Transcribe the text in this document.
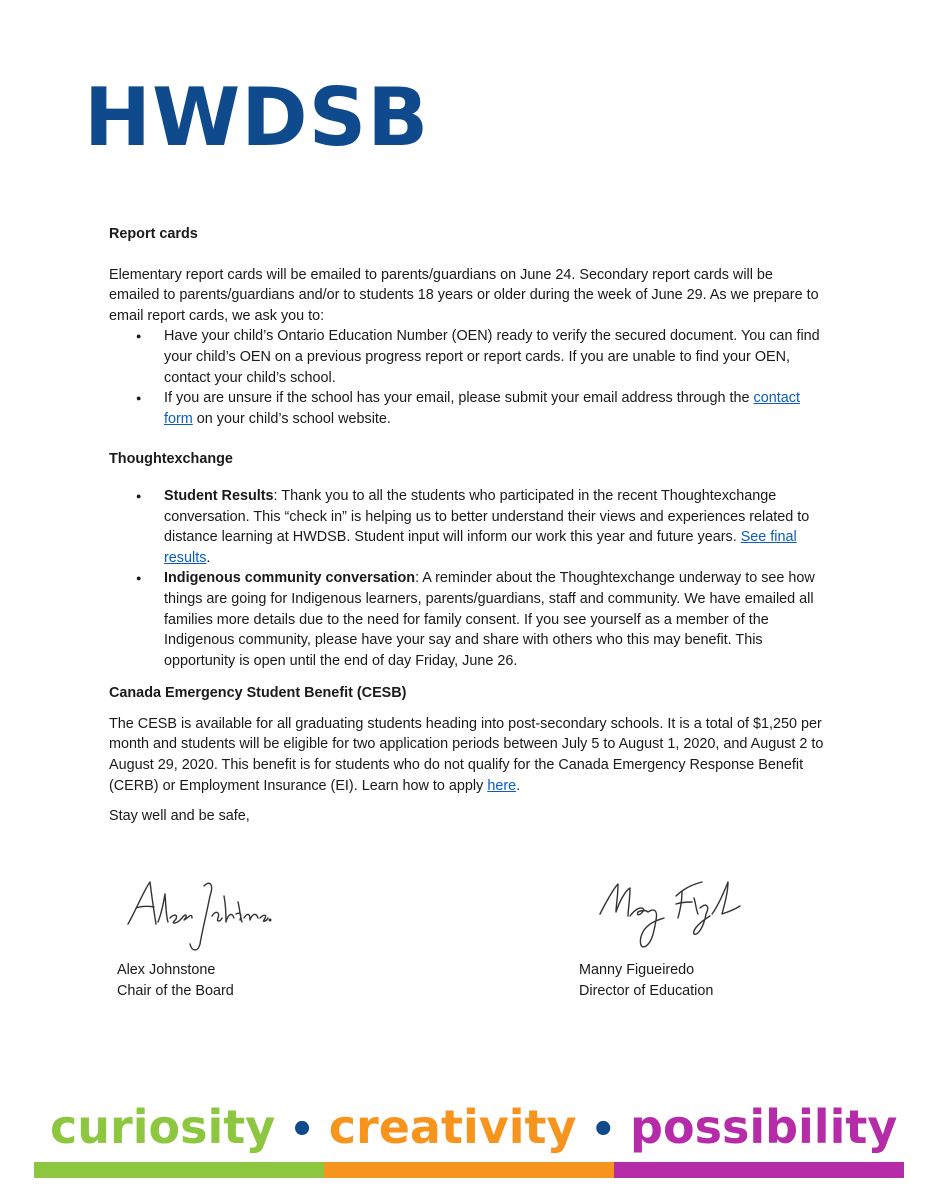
HWDSB

Report cards

Elementary report cards will be emailed to parents/guardians on June 24. Secondary report cards will be emailed to parents/guardians and/or to students 18 years or older during the week of June 29. As we prepare to email report cards, we ask you to:

● Have your child’s Ontario Education Number (OEN) ready to verify the secured document. You can find your child’s OEN on a previous progress report or report cards. If you are unable to find your OEN, contact your child’s school.
● If you are unsure if the school has your email, please submit your email address through the contact form on your child’s school website.

Thoughtexchange

● Student Results: Thank you to all the students who participated in the recent Thoughtexchange conversation. This “check in” is helping us to better understand their views and experiences related to distance learning at HWDSB. Student input will inform our work this year and future years. See final results.
● Indigenous community conversation: A reminder about the Thoughtexchange underway to see how things are going for Indigenous learners, parents/guardians, staff and community. We have emailed all families more details due to the need for family consent. If you see yourself as a member of the Indigenous community, please have your say and share with others who this may benefit. This opportunity is open until the end of day Friday, June 26.

Canada Emergency Student Benefit (CESB)

The CESB is available for all graduating students heading into post-secondary schools. It is a total of $1,250 per month and students will be eligible for two application periods between July 5 to August 1, 2020, and August 2 to August 29, 2020. This benefit is for students who do not qualify for the Canada Emergency Response Benefit (CERB) or Employment Insurance (EI). Learn how to apply here.

Stay well and be safe,

Alex Johnstone
Chair of the Board
Manny Figueiredo
Director of Education
curiosity • creativity • possibility
